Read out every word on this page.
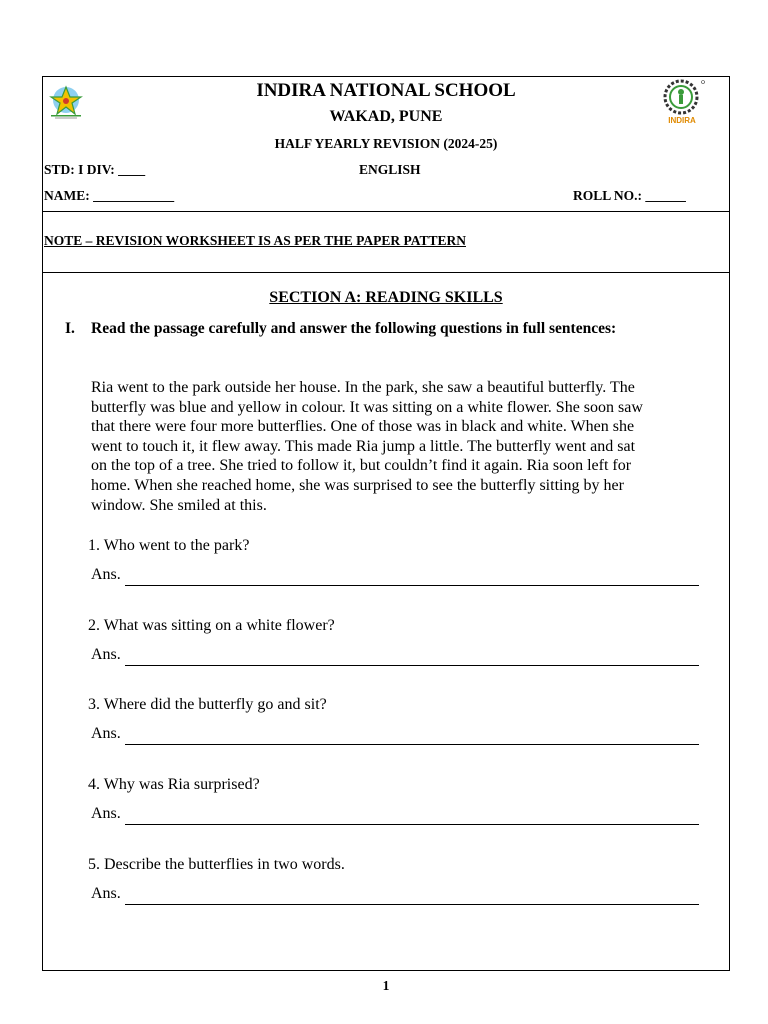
INDIRA
INDIRA NATIONAL SCHOOL
WAKAD, PUNE
HALF YEARLY REVISION (2024-25)
STD: I DIV: ____	ENGLISH
NAME: ____________	ROLL NO.: ______
NOTE – REVISION WORKSHEET IS AS PER THE PAPER PATTERN
SECTION A: READING SKILLS
I. Read the passage carefully and answer the following questions in full sentences:
Ria went to the park outside her house. In the park, she saw a beautiful butterfly. The
butterfly was blue and yellow in colour. It was sitting on a white flower. She soon saw
that there were four more butterflies. One of those was in black and white. When she
went to touch it, it flew away. This made Ria jump a little. The butterfly went and sat
on the top of a tree. She tried to follow it, but couldn’t find it again. Ria soon left for
home. When she reached home, she was surprised to see the butterfly sitting by her
window. She smiled at this.
1. Who went to the park?
Ans.
2. What was sitting on a white flower?
Ans.
3. Where did the butterfly go and sit?
Ans.
4. Why was Ria surprised?
Ans.
5. Describe the butterflies in two words.
Ans.
1
